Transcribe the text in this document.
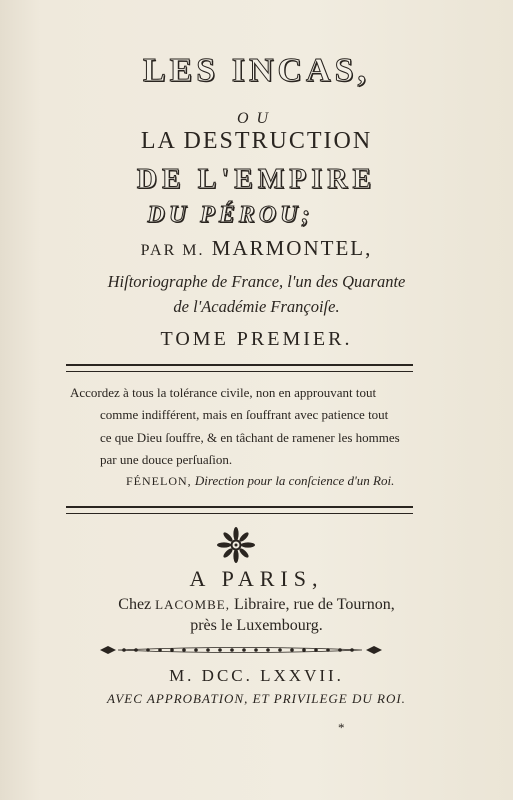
LES INCAS,
OU
LA DESTRUCTION
DE L'EMPIRE
DU PÉROU;
PAR M. MARMONTEL,
Hiſtoriographe de France, l'un des Quarante
de l'Académie Françoiſe.
TOME PREMIER.
Accordez à tous la tolérance civile, non en approuvant tout
comme indifférent, mais en ſouffrant avec patience tout
ce que Dieu ſouffre, & en tâchant de ramener les hommes
par une douce perſuaſion.
FÉNELON, Direction pour la conſcience d'un Roi.
A PARIS,
Chez LACOMBE, Libraire, rue de Tournon,
près le Luxembourg.
M. DCC. LXXVII.
AVEC APPROBATION, ET PRIVILEGE DU ROI.
*
